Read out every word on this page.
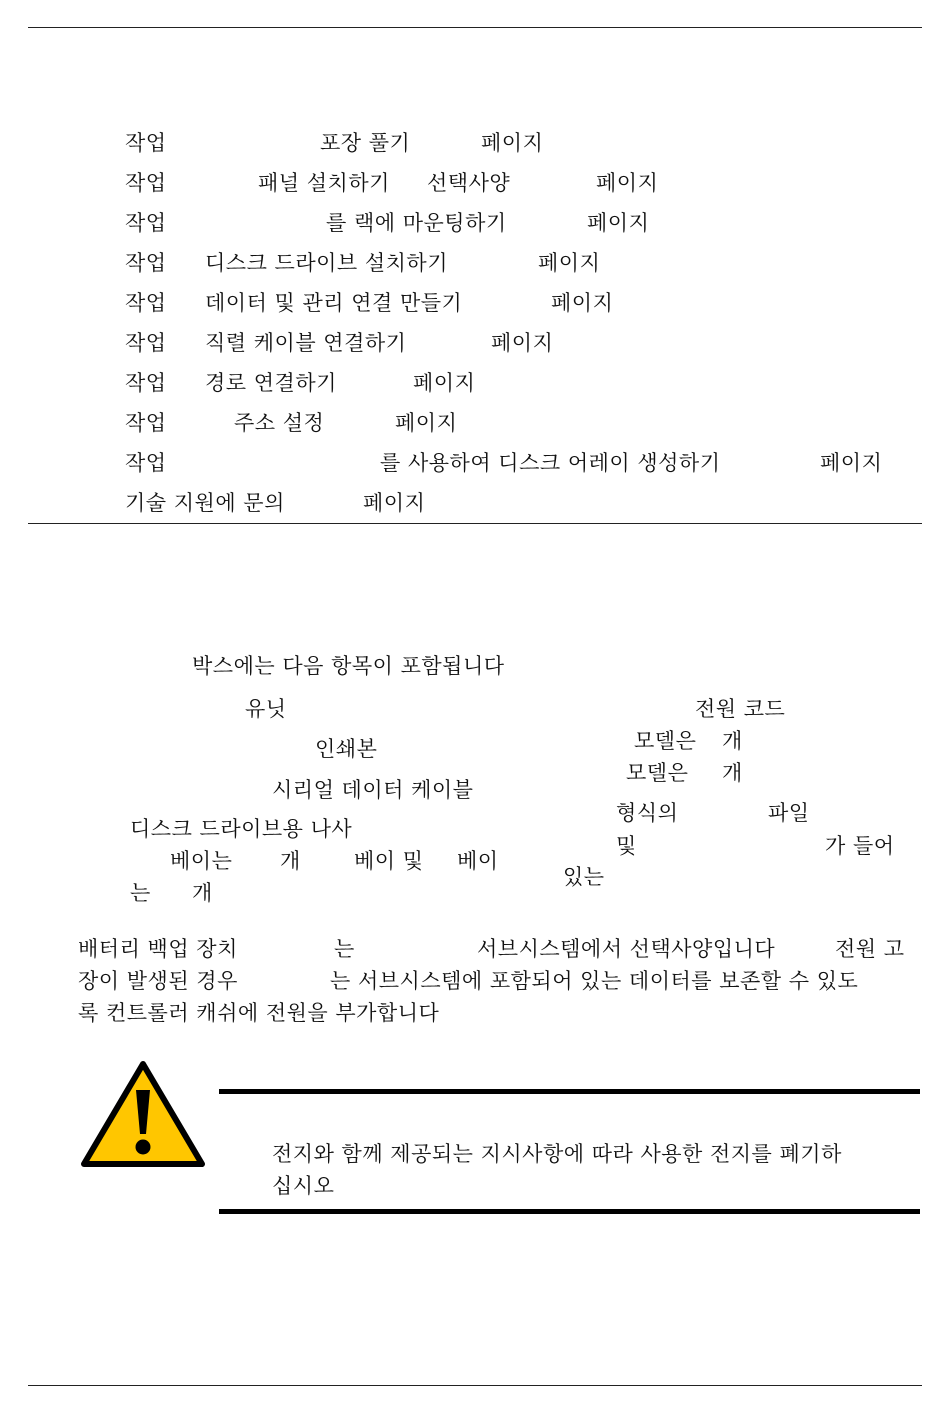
작업	포장 풀기	페이지
작업	패널 설치하기 선택사양	페이지
작업	를 랙에 마운팅하기	페이지
작업 디스크 드라이브 설치하기	페이지
작업 데이터 및 관리 연결 만들기	페이지
작업 직렬 케이블 연결하기	페이지
작업 경로 연결하기	페이지
작업	주소 설정	페이지
작업	를 사용하여 디스크 어레이 생성하기	페이지
기술 지원에 문의	페이지
박스에는 다음 항목이 포함됩니다
유닛
인쇄본
시리얼 데이터 케이블
디스크 드라이브용 나사
베이는 개	베이 및 베이
는 개
전원 코드
모델은 개
모델은 개
형식의	파일
및	가 들어
있는
배터리 백업 장치	는	서브시스템에서 선택사양입니다	전원 고
장이 발생된 경우	는 서브시스템에 포함되어 있는 데이터를 보존할 수 있도
록 컨트롤러 캐쉬에 전원을 부가합니다
전지와 함께 제공되는 지시사항에 따라 사용한 전지를 폐기하
십시오
